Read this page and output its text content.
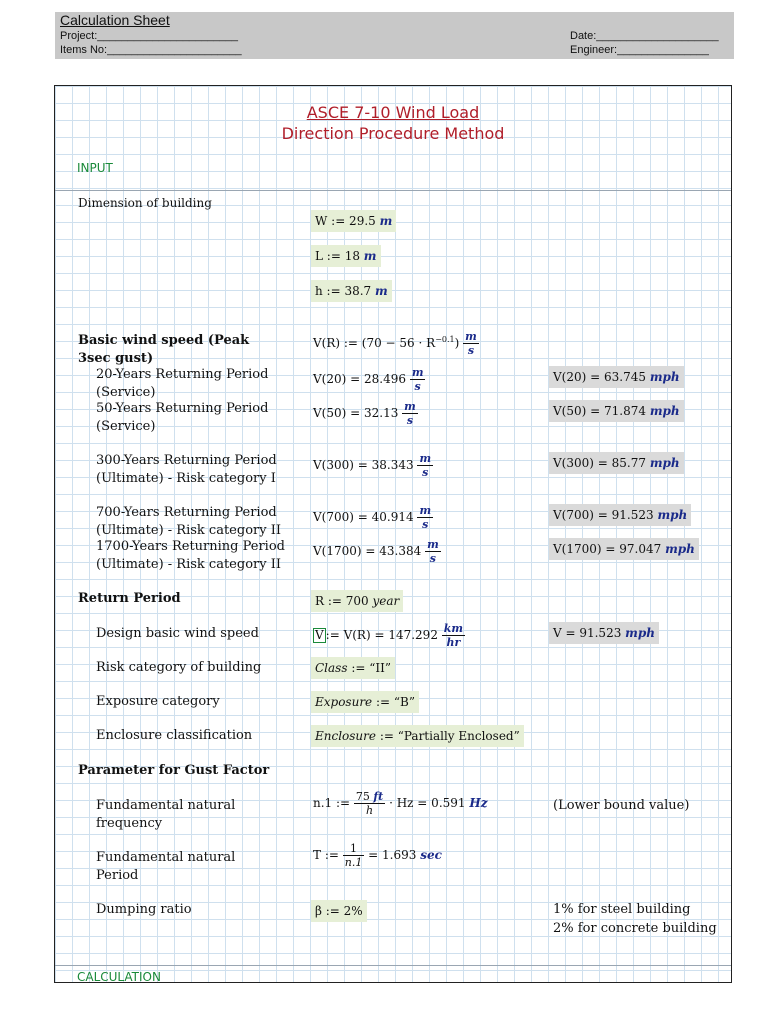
Calculation Sheet
Project:_______________________
Items No:______________________
Date:____________________
Engineer:_______________
ASCE 7-10 Wind Load
Direction Procedure Method
INPUT
Dimension of building
W := 29.5 m
L := 18 m
h := 38.7 m
Basic wind speed (Peak 3sec gust)
V(R) := $(70 - 56 \cdot R^{-0.1}) \frac{m}{s}$
20-Years Returning Period (Service)
$V(20) = 28.496 \frac{m}{s}$	V(20) = 63.745 mph
50-Years Returning Period (Service)
$V(50) = 32.13 \frac{m}{s}$	V(50) = 71.874 mph
300-Years Returning Period (Ultimate) - Risk category I
$V(300) = 38.343 \frac{m}{s}$	V(300) = 85.77 mph
700-Years Returning Period (Ultimate) - Risk category II
$V(700) = 40.914 \frac{m}{s}$	V(700) = 91.523 mph
1700-Years Returning Period (Ultimate) - Risk category II
$V(1700) = 43.384 \frac{m}{s}$	V(1700) = 97.047 mph
Return Period	R := 700 year
Design basic wind speed	V := $V(R) = 147.292 \frac{km}{hr}$	V = 91.523 mph
Risk category of building	Class := “II”
Exposure category	Exposure := “B”
Enclosure classification	Enclosure := “Partially Enclosed”
Parameter for Gust Factor
Fundamental natural frequency
n.1 := $\frac{75 ft}{h} \cdot Hz = 0.591$ Hz	(Lower bound value)
Fundamental natural Period
T := $\frac{1}{n.1} = 1.693$ sec
Dumping ratio	β := 2%	1% for steel building
2% for concrete building
CALCULATION
